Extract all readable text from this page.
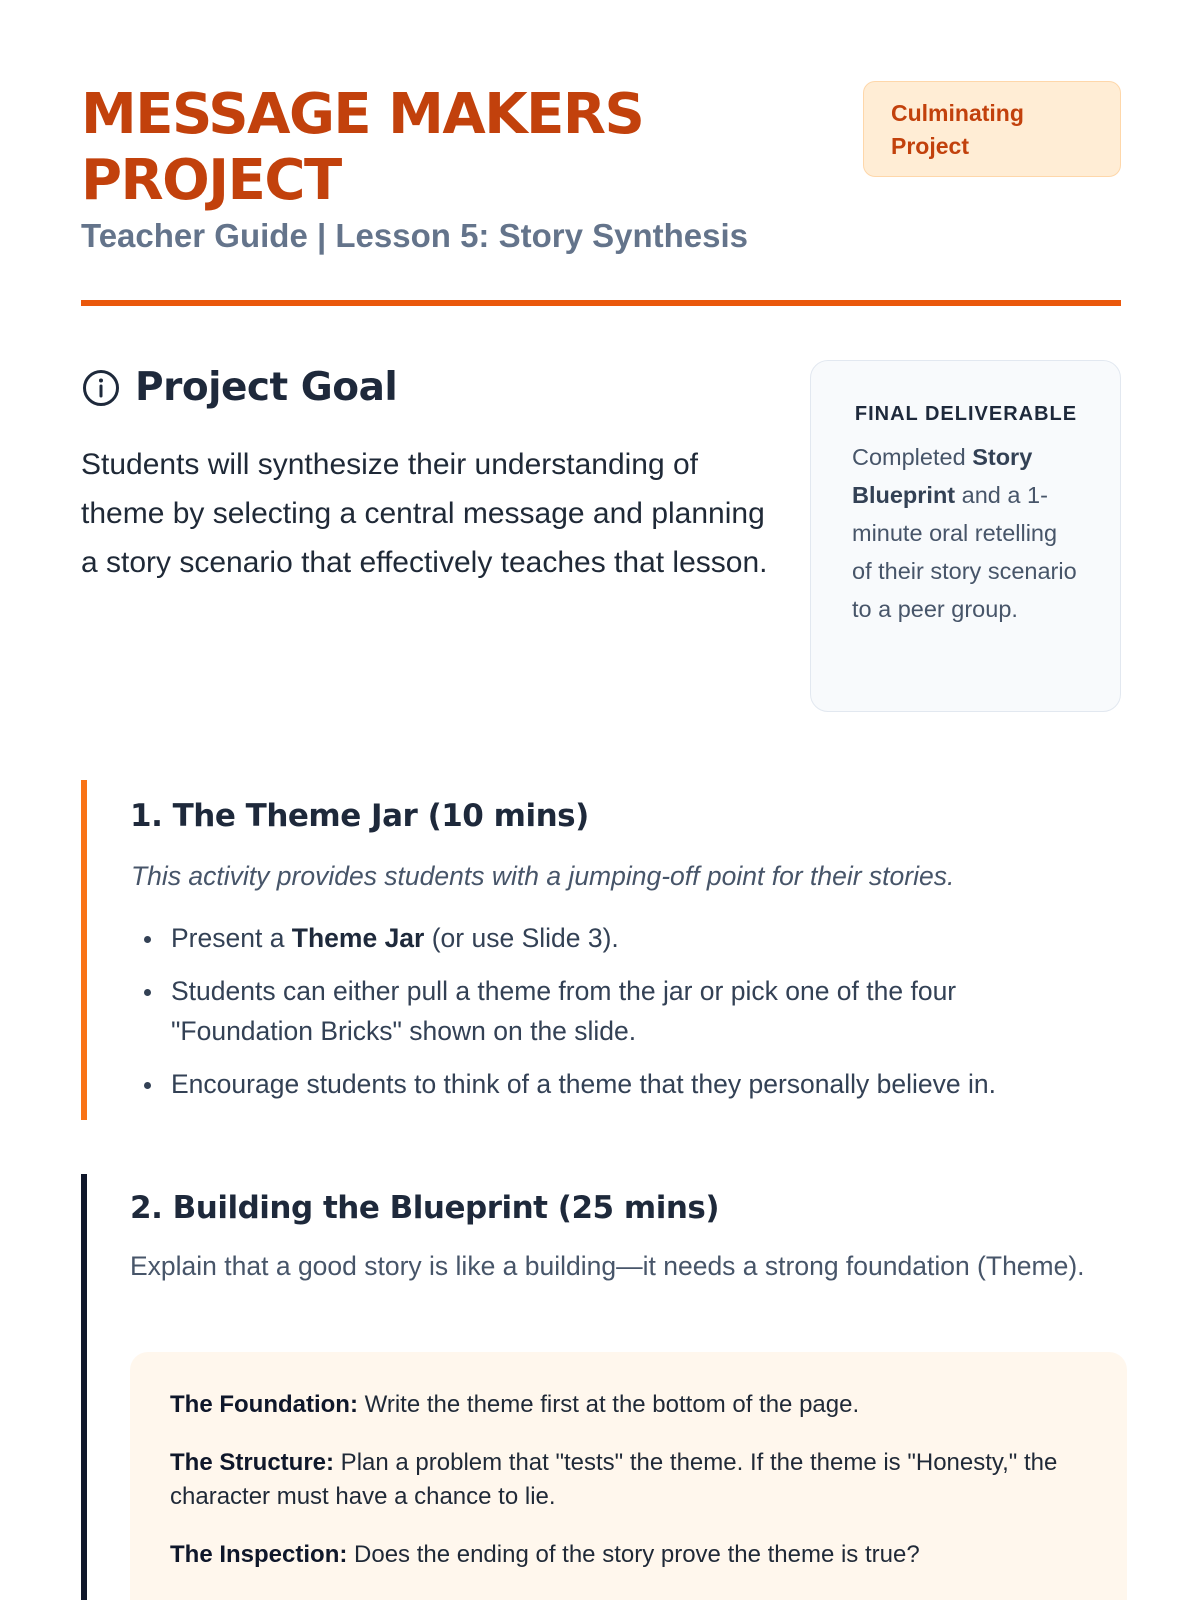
MESSAGE MAKERS PROJECT
Teacher Guide | Lesson 5: Story Synthesis
Culminating Project
Project Goal

Students will synthesize their understanding of theme by selecting a central message and planning a story scenario that effectively teaches that lesson.

FINAL DELIVERABLE
Completed Story Blueprint and a 1-minute oral retelling of their story scenario to a peer group.
1. The Theme Jar (10 mins)

This activity provides students with a jumping-off point for their stories.

Present a Theme Jar (or use Slide 3).
Students can either pull a theme from the jar or pick one of the four "Foundation Bricks" shown on the slide.
Encourage students to think of a theme that they personally believe in.
2. Building the Blueprint (25 mins)

Explain that a good story is like a building—it needs a strong foundation (Theme).

The Foundation: Write the theme first at the bottom of the page.

The Structure: Plan a problem that "tests" the theme. If the theme is "Honesty," the character must have a chance to lie.

The Inspection: Does the ending of the story prove the theme is true?
